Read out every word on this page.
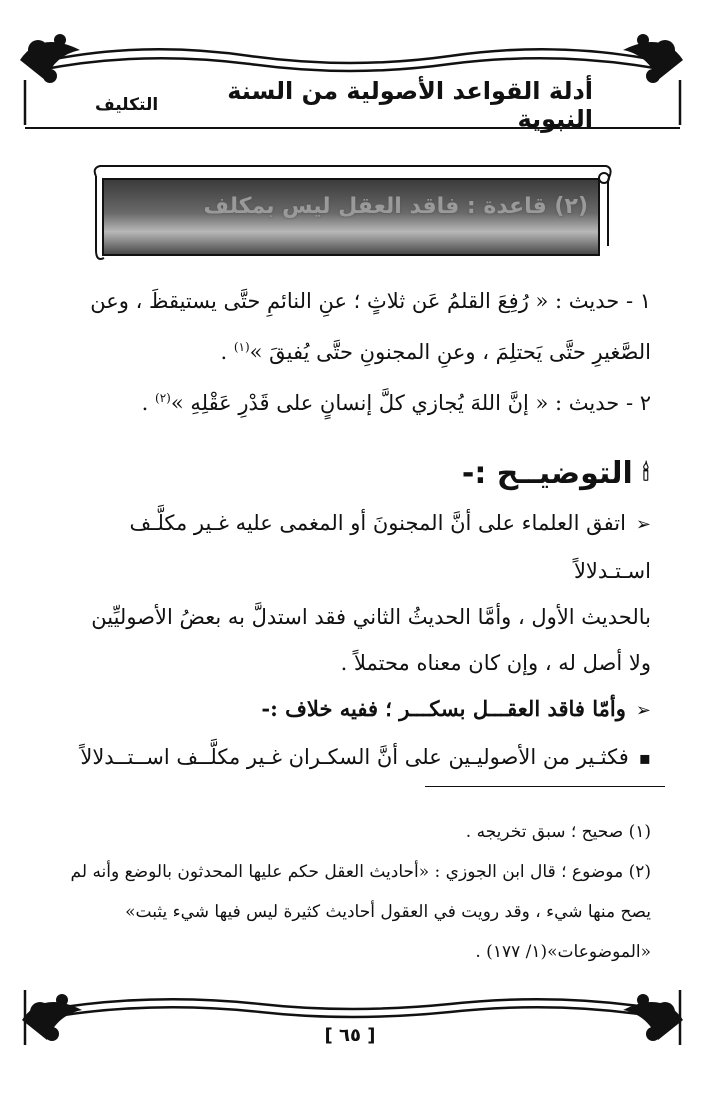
أدلة القواعد الأصولية من السنة النبوية
التكليف
(٢) قاعدة : فاقد العقل ليس بمكلف
١ - حديث : « رُفِعَ القلمُ عَن ثلاثٍ ؛ عنِ النائمِ حتَّى يستيقظَ ، وعن
الصَّغيرِ حتَّى يَحتلِمَ ، وعنِ المجنونِ حتَّى يُفيقَ »$^{(١)}$ .
٢ - حديث : « إنَّ اللهَ يُجازي كلَّ إنسانٍ على قَدْرِ عَقْلِهِ »$^{(٢)}$ .
🕯
التوضيــح :-
➢اتفق العلماء على أنَّ المجنونَ أو المغمى عليه غـير مكلَّـف اسـتـدلالاً
بالحديث الأول ، وأمَّا الحديثُ الثاني فقد استدلَّ به بعضُ الأصوليِّين
ولا أصل له ، وإن كان معناه محتملاً .
➢وأمّا فاقد العقـــل بسكـــر ؛ ففيه خلاف :-
▪فكثـير من الأصوليـين على أنَّ السكـران غـير مكلَّــف اســتــدلالاً
(١) صحيح ؛ سبق تخريجه .
(٢) موضوع ؛ قال ابن الجوزي : «أحاديث العقل حكم عليها المحدثون بالوضع وأنه لم
يصح منها شيء ، وقد رويت في العقول أحاديث كثيرة ليس فيها شيء يثبت»
«الموضوعات»(١/ ١٧٧) .
[ ٦٥ ]
